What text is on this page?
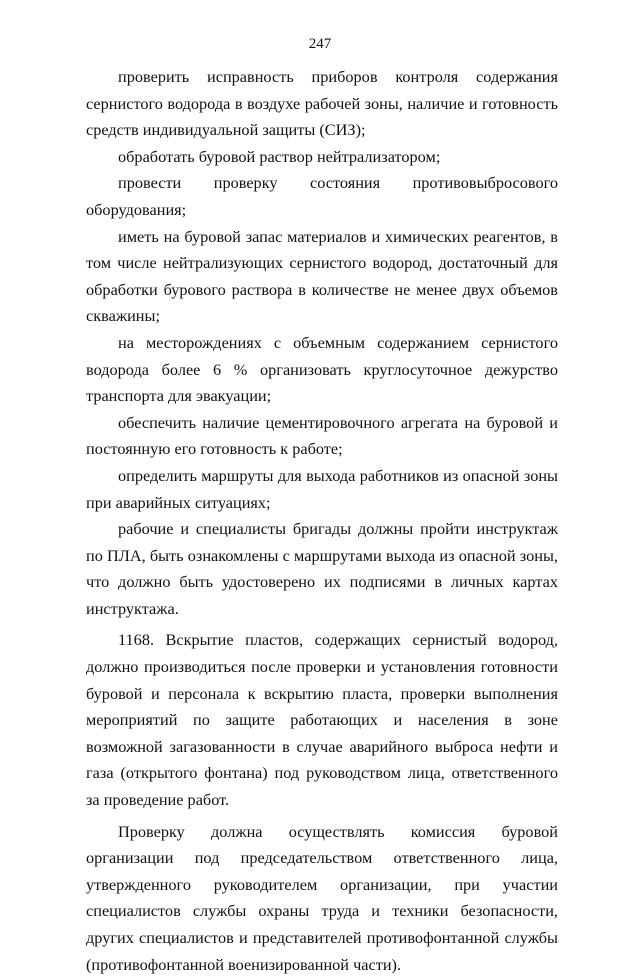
247

проверить исправность приборов контроля содержания сернистого водорода в воздухе рабочей зоны, наличие и готовность средств индивидуальной защиты (СИЗ);

обработать буровой раствор нейтрализатором;

провести проверку состояния противовыбросового оборудования;

иметь на буровой запас материалов и химических реагентов, в том числе нейтрализующих сернистого водород, достаточный для обработки бурового раствора в количестве не менее двух объемов скважины;

на месторождениях с объемным содержанием сернистого водорода более 6 % организовать круглосуточное дежурство транспорта для эвакуации;

обеспечить наличие цементировочного агрегата на буровой и постоянную его готовность к работе;

определить маршруты для выхода работников из опасной зоны при аварийных ситуациях;

рабочие и специалисты бригады должны пройти инструктаж по ПЛА, быть ознакомлены с маршрутами выхода из опасной зоны, что должно быть удостоверено их подписями в личных картах инструктажа.

1168. Вскрытие пластов, содержащих сернистый водород, должно производиться после проверки и установления готовности буровой и персонала к вскрытию пласта, проверки выполнения мероприятий по защите работающих и населения в зоне возможной загазованности в случае аварийного выброса нефти и газа (открытого фонтана) под руководством лица, ответственного за проведение работ.

Проверку должна осуществлять комиссия буровой организации под председательством ответственного лица, утвержденного руководителем организации, при участии специалистов службы охраны труда и техники безопасности, других специалистов и представителей противофонтанной службы (противофонтанной военизированной части).
